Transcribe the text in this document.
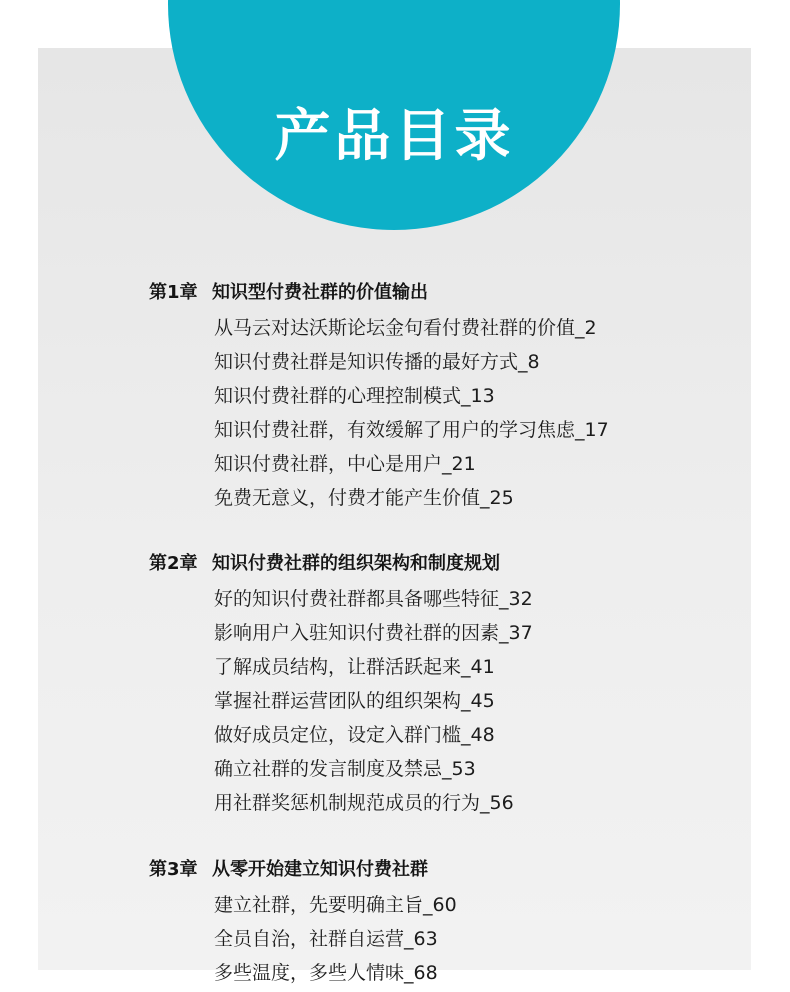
产品目录
第1章 知识型付费社群的价值输出
从马云对达沃斯论坛金句看付费社群的价值_2
知识付费社群是知识传播的最好方式_8
知识付费社群的心理控制模式_13
知识付费社群，有效缓解了用户的学习焦虑_17
知识付费社群，中心是用户_21
免费无意义，付费才能产生价值_25
第2章 知识付费社群的组织架构和制度规划
好的知识付费社群都具备哪些特征_32
影响用户入驻知识付费社群的因素_37
了解成员结构，让群活跃起来_41
掌握社群运营团队的组织架构_45
做好成员定位，设定入群门槛_48
确立社群的发言制度及禁忌_53
用社群奖惩机制规范成员的行为_56
第3章 从零开始建立知识付费社群
建立社群，先要明确主旨_60
全员自治，社群自运营_63
多些温度，多些人情味_68
